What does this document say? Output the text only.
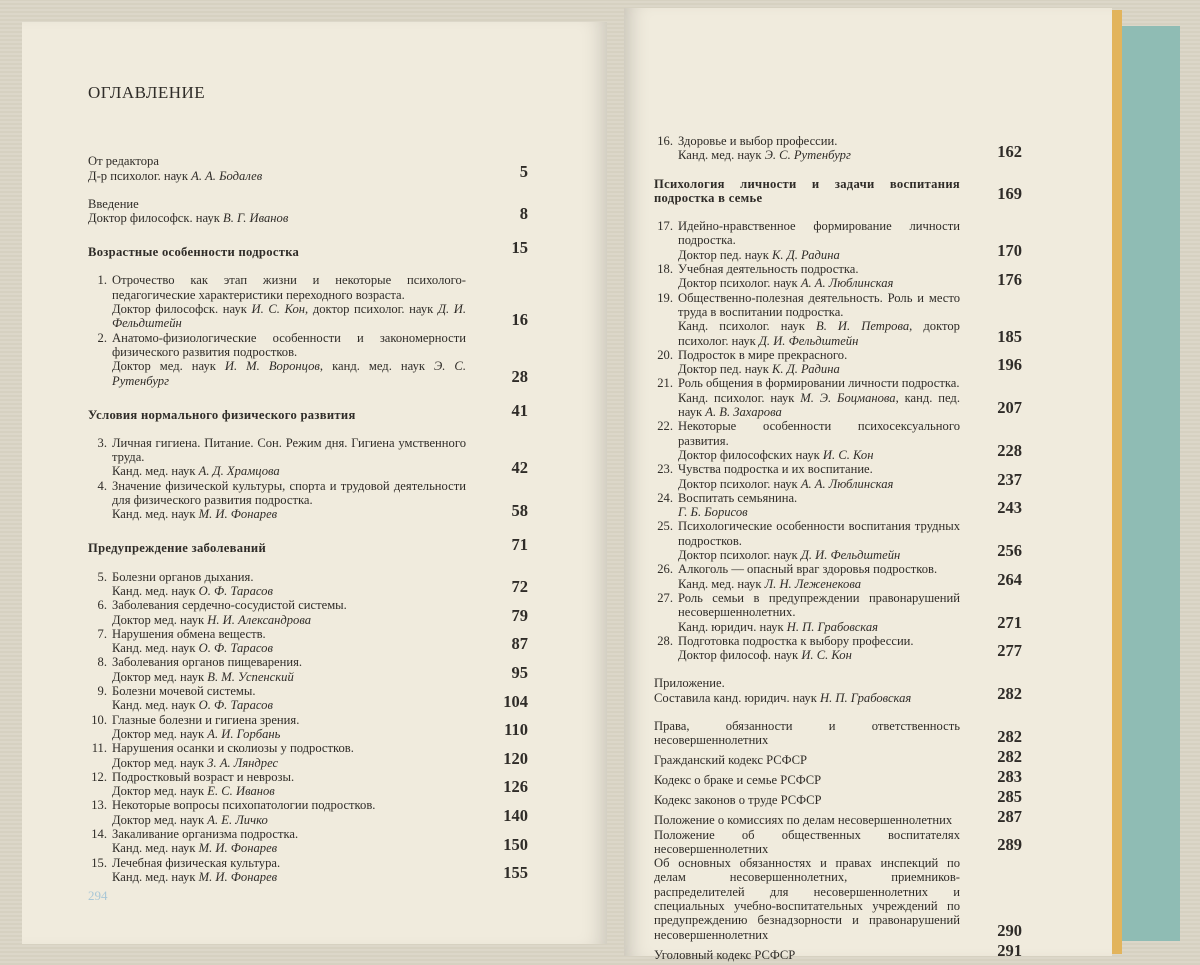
ОГЛАВЛЕНИЕ
От редактора
Д-р психолог. наук А. А. Бодалев	5
Введение
Доктор философск. наук В. Г. Иванов	8
Возрастные особенности подростка	15
1. Отрочество как этап жизни и некоторые психолого-педагогические характеристики переходного возраста.
Доктор философск. наук И. С. Кон, доктор психолог. наук Д. И. Фельдштейн	16
2. Анатомо-физиологические особенности и закономерности физического развития подростков.
Доктор мед. наук И. М. Воронцов, канд. мед. наук Э. С. Рутенбург	28
Условия нормального физического развития	41
3. Личная гигиена. Питание. Сон. Режим дня. Гигиена умственного труда.
Канд. мед. наук А. Д. Храмцова	42
4. Значение физической культуры, спорта и трудовой деятельности для физического развития подростка.
Канд. мед. наук М. И. Фонарев	58
Предупреждение заболеваний	71
5. Болезни органов дыхания.
Канд. мед. наук О. Ф. Тарасов	72
6. Заболевания сердечно-сосудистой системы.
Доктор мед. наук Н. И. Александрова	79
7. Нарушения обмена веществ.
Канд. мед. наук О. Ф. Тарасов	87
8. Заболевания органов пищеварения.
Доктор мед. наук В. М. Успенский	95
9. Болезни мочевой системы.
Канд. мед. наук О. Ф. Тарасов	104
10. Глазные болезни и гигиена зрения.
Доктор мед. наук А. И. Горбань	110
11. Нарушения осанки и сколиозы у подростков.
Доктор мед. наук З. А. Ляндрес	120
12. Подростковый возраст и неврозы.
Доктор мед. наук Е. С. Иванов	126
13. Некоторые вопросы психопатологии подростков.
Доктор мед. наук А. Е. Личко	140
14. Закаливание организма подростка.
Канд. мед. наук М. И. Фонарев	150
15. Лечебная физическая культура.
Канд. мед. наук М. И. Фонарев	155
294
16. Здоровье и выбор профессии.
Канд. мед. наук Э. С. Рутенбург	162
Психология личности и задачи воспитания подростка в семье	169
17. Идейно-нравственное формирование личности подростка.
Доктор пед. наук К. Д. Радина	170
18. Учебная деятельность подростка.
Доктор психолог. наук А. А. Люблинская	176
19. Общественно-полезная деятельность. Роль и место труда в воспитании подростка.
Канд. психолог. наук В. И. Петрова, доктор психолог. наук Д. И. Фельдштейн	185
20. Подросток в мире прекрасного.
Доктор пед. наук К. Д. Радина	196
21. Роль общения в формировании личности подростка.
Канд. психолог. наук М. Э. Боцманова, канд. пед. наук А. В. Захарова	207
22. Некоторые особенности психосексуального развития.
Доктор философских наук И. С. Кон	228
23. Чувства подростка и их воспитание.
Доктор психолог. наук А. А. Люблинская	237
24. Воспитать семьянина.
Г. Б. Борисов	243
25. Психологические особенности воспитания трудных подростков.
Доктор психолог. наук Д. И. Фельдштейн	256
26. Алкоголь — опасный враг здоровья подростков.
Канд. мед. наук Л. Н. Леженекова	264
27. Роль семьи в предупреждении правонарушений несовершеннолетних.
Канд. юридич. наук Н. П. Грабовская	271
28. Подготовка подростка к выбору профессии.
Доктор философ. наук И. С. Кон	277
Приложение.
Составила канд. юридич. наук Н. П. Грабовская	282
Права, обязанности и ответственность несовершеннолетних	282
Гражданский кодекс РСФСР	282
Кодекс о браке и семье РСФСР	283
Кодекс законов о труде РСФСР	285
Положение о комиссиях по делам несовершеннолетних	287
Положение об общественных воспитателях несовершеннолетних	289
Об основных обязанностях и правах инспекций по делам несовершеннолетних, приемников-распределителей для несовершеннолетних и специальных учебно-воспитательных учреждений по предупреждению безнадзорности и правонарушений несовершеннолетних	290
Уголовный кодекс РСФСР	291
